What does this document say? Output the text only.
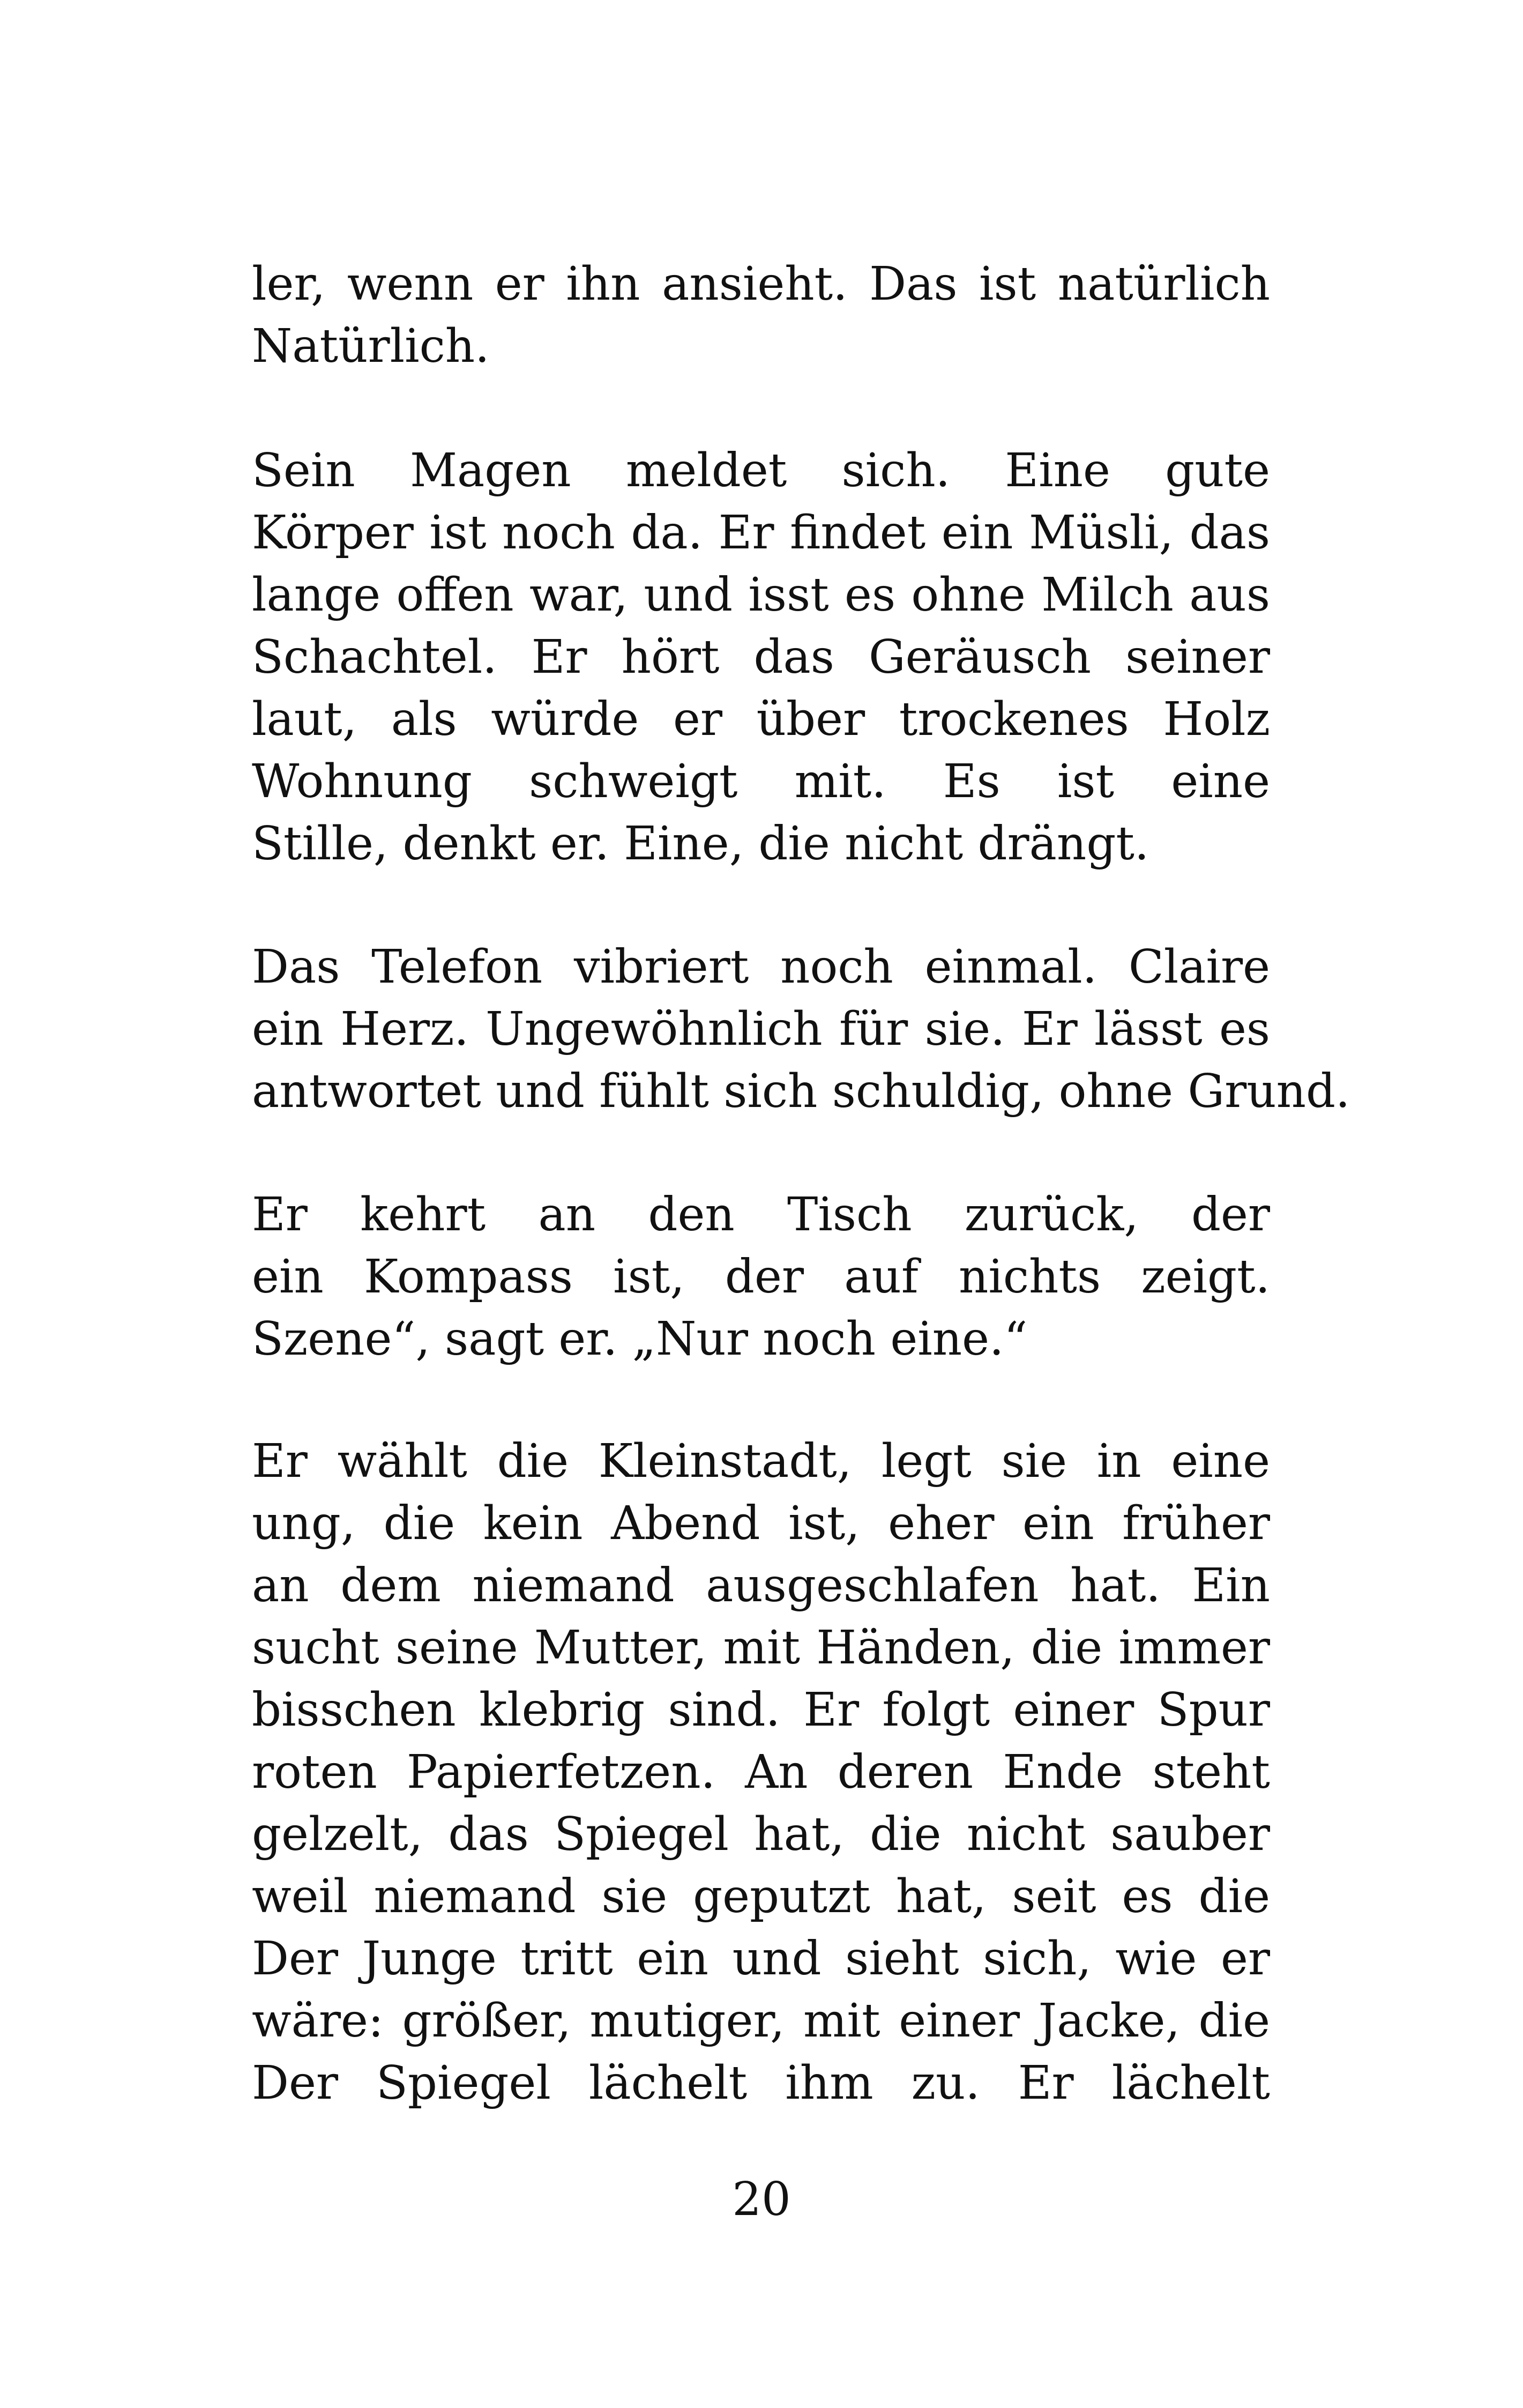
ler, wenn er ihn ansieht. Das ist natürlich
Natürlich.
Sein Magen meldet sich. Eine gute
Körper ist noch da. Er findet ein Müsli, das
lange offen war, und isst es ohne Milch aus
Schachtel. Er hört das Geräusch seiner
laut, als würde er über trockenes Holz
Wohnung schweigt mit. Es ist eine
Stille, denkt er. Eine, die nicht drängt.
Das Telefon vibriert noch einmal. Claire
ein Herz. Ungewöhnlich für sie. Er lässt es
antwortet und fühlt sich schuldig, ohne Grund.
Er kehrt an den Tisch zurück, der
ein Kompass ist, der auf nichts zeigt.
Szene“, sagt er. „Nur noch eine.“
Er wählt die Kleinstadt, legt sie in eine
ung, die kein Abend ist, eher ein früher
an dem niemand ausgeschlafen hat. Ein
sucht seine Mutter, mit Händen, die immer
bisschen klebrig sind. Er folgt einer Spur
roten Papierfetzen. An deren Ende steht
gelzelt, das Spiegel hat, die nicht sauber
weil niemand sie geputzt hat, seit es die
Der Junge tritt ein und sieht sich, wie er
wäre: größer, mutiger, mit einer Jacke, die
Der Spiegel lächelt ihm zu. Er lächelt
20
